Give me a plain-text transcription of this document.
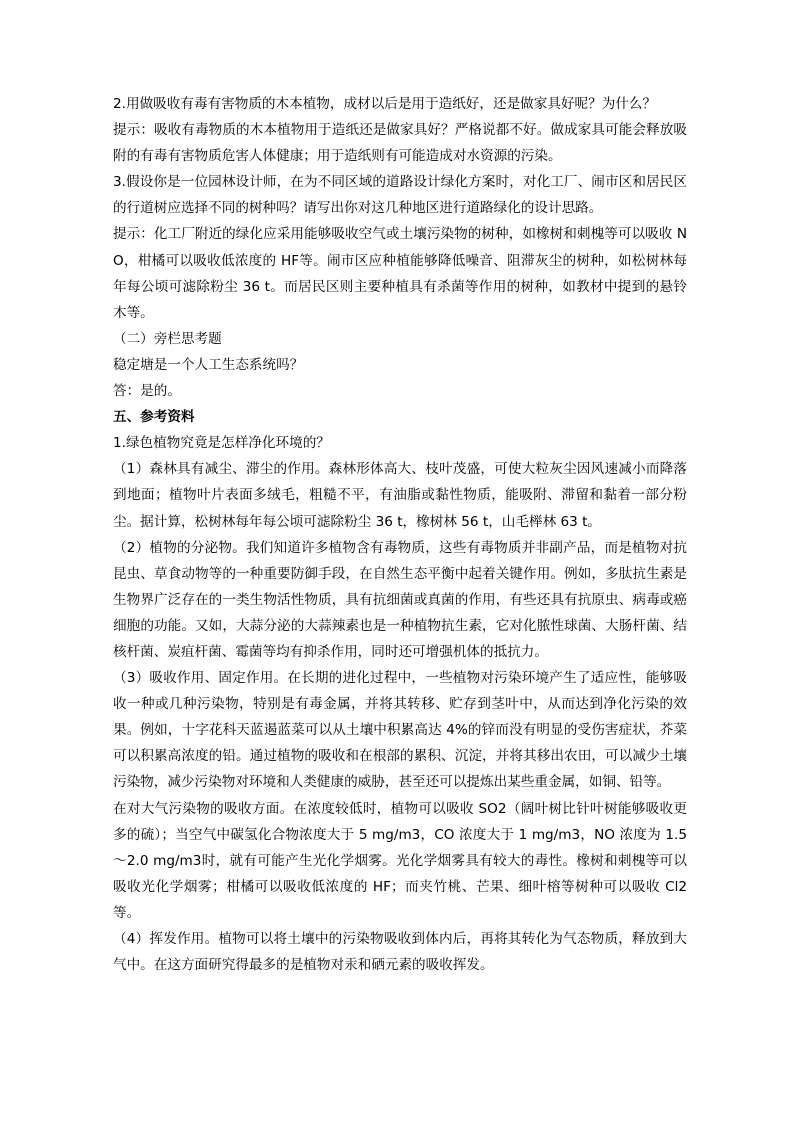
2.用做吸收有毒有害物质的木本植物，成材以后是用于造纸好，还是做家具好呢？为什么？

提示：吸收有毒物质的木本植物用于造纸还是做家具好？严格说都不好。做成家具可能会释放吸附的有毒有害物质危害人体健康；用于造纸则有可能造成对水资源的污染。

3.假设你是一位园林设计师，在为不同区域的道路设计绿化方案时，对化工厂、闹市区和居民区的行道树应选择不同的树种吗？请写出你对这几种地区进行道路绿化的设计思路。

提示：化工厂附近的绿化应采用能够吸收空气或土壤污染物的树种，如橡树和刺槐等可以吸收 NO，柑橘可以吸收低浓度的 HF等。闹市区应种植能够降低噪音、阻滞灰尘的树种，如松树林每年每公顷可滤除粉尘 36 t。而居民区则主要种植具有杀菌等作用的树种，如教材中提到的悬铃木等。

（二）旁栏思考题

稳定塘是一个人工生态系统吗？

答：是的。

五、参考资料

1.绿色植物究竟是怎样净化环境的？

（1）森林具有减尘、滞尘的作用。森林形体高大、枝叶茂盛，可使大粒灰尘因风速减小而降落到地面；植物叶片表面多绒毛，粗糙不平，有油脂或黏性物质，能吸附、滞留和黏着一部分粉尘。据计算，松树林每年每公顷可滤除粉尘 36 t，橡树林 56 t，山毛榉林 63 t。

（2）植物的分泌物。我们知道许多植物含有毒物质，这些有毒物质并非副产品，而是植物对抗昆虫、草食动物等的一种重要防御手段，在自然生态平衡中起着关键作用。例如，多肽抗生素是生物界广泛存在的一类生物活性物质，具有抗细菌或真菌的作用，有些还具有抗原虫、病毒或癌细胞的功能。又如，大蒜分泌的大蒜辣素也是一种植物抗生素，它对化脓性球菌、大肠杆菌、结核杆菌、炭疽杆菌、霉菌等均有抑杀作用，同时还可增强机体的抵抗力。

（3）吸收作用、固定作用。在长期的进化过程中，一些植物对污染环境产生了适应性，能够吸收一种或几种污染物，特别是有毒金属，并将其转移、贮存到茎叶中，从而达到净化污染的效果。例如，十字花科天蓝遏蓝菜可以从土壤中积累高达 4%的锌而没有明显的受伤害症状，芥菜可以积累高浓度的铅。通过植物的吸收和在根部的累积、沉淀，并将其移出农田，可以减少土壤污染物，减少污染物对环境和人类健康的威胁，甚至还可以提炼出某些重金属，如铜、铅等。

在对大气污染物的吸收方面。在浓度较低时，植物可以吸收 SO2（阔叶树比针叶树能够吸收更多的硫）；当空气中碳氢化合物浓度大于 5 mg/m3，CO 浓度大于 1 mg/m3，NO 浓度为 1.5～2.0 mg/m3时，就有可能产生光化学烟雾。光化学烟雾具有较大的毒性。橡树和刺槐等可以吸收光化学烟雾；柑橘可以吸收低浓度的 HF；而夹竹桃、芒果、细叶榕等树种可以吸收 Cl2 等。

（4）挥发作用。植物可以将土壤中的污染物吸收到体内后，再将其转化为气态物质，释放到大气中。在这方面研究得最多的是植物对汞和硒元素的吸收挥发。
